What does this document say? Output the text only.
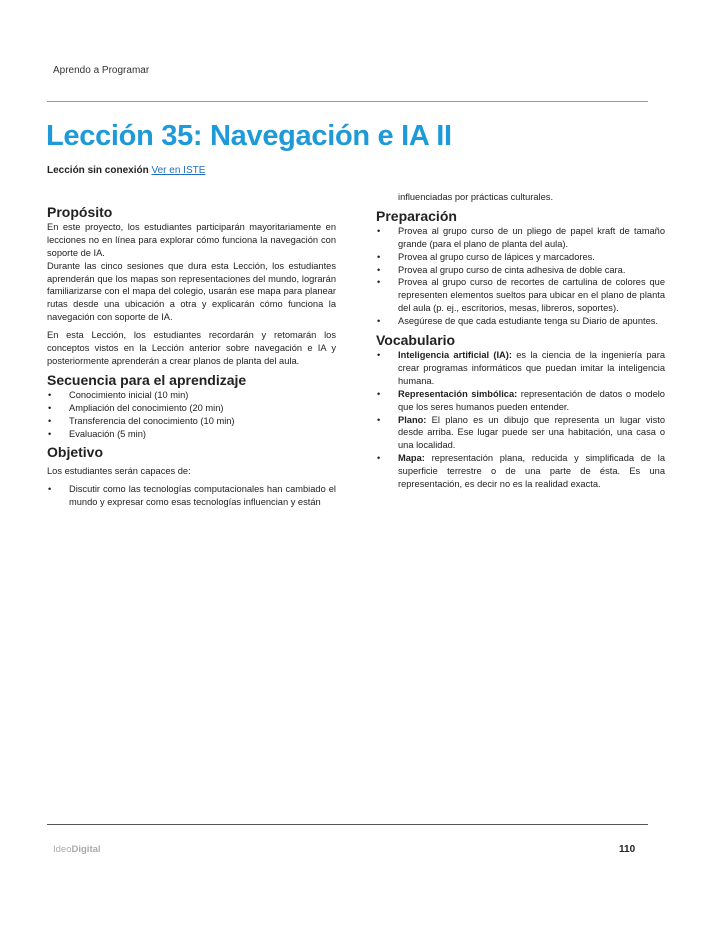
Aprendo a Programar
Lección 35: Navegación e IA II
Lección sin conexión Ver en ISTE
Propósito

En este proyecto, los estudiantes participarán mayoritariamente en lecciones no en línea para explorar cómo funciona la navegación con soporte de IA.

Durante las cinco sesiones que dura esta Lección, los estudiantes aprenderán que los mapas son representaciones del mundo, lograrán familiarizarse con el mapa del colegio, usarán ese mapa para planear rutas desde una ubicación a otra y explicarán cómo funciona la navegación con soporte de IA.

En esta Lección, los estudiantes recordarán y retomarán los conceptos vistos en la Lección anterior sobre navegación e IA y posteriormente aprenderán a crear planos de planta del aula.

Secuencia para el aprendizaje
• Conocimiento inicial (10 min)
• Ampliación del conocimiento (20 min)
• Transferencia del conocimiento (10 min)
• Evaluación (5 min)
Objetivo

Los estudiantes serán capaces de:

• Discutir como las tecnologías computacionales han cambiado el mundo y expresar como esas tecnologías influencian y están
influenciadas por prácticas culturales.
Preparación
• Provea al grupo curso de un pliego de papel kraft de tamaño grande (para el plano de planta del aula).
• Provea al grupo curso de lápices y marcadores.
• Provea al grupo curso de cinta adhesiva de doble cara.
• Provea al grupo curso de recortes de cartulina de colores que representen elementos sueltos para ubicar en el plano de planta del aula (p. ej., escritorios, mesas, libreros, soportes).
• Asegúrese de que cada estudiante tenga su Diario de apuntes.
Vocabulario
• Inteligencia artificial (IA): es la ciencia de la ingeniería para crear programas informáticos que puedan imitar la inteligencia humana.
• Representación simbólica: representación de datos o modelo que los seres humanos pueden entender.
• Plano: El plano es un dibujo que representa un lugar visto desde arriba. Ese lugar puede ser una habitación, una casa o una localidad.
• Mapa: representación plana, reducida y simplificada de la superficie terrestre o de una parte de ésta. Es una representación, es decir no es la realidad exacta.
IdeoDigital	110
